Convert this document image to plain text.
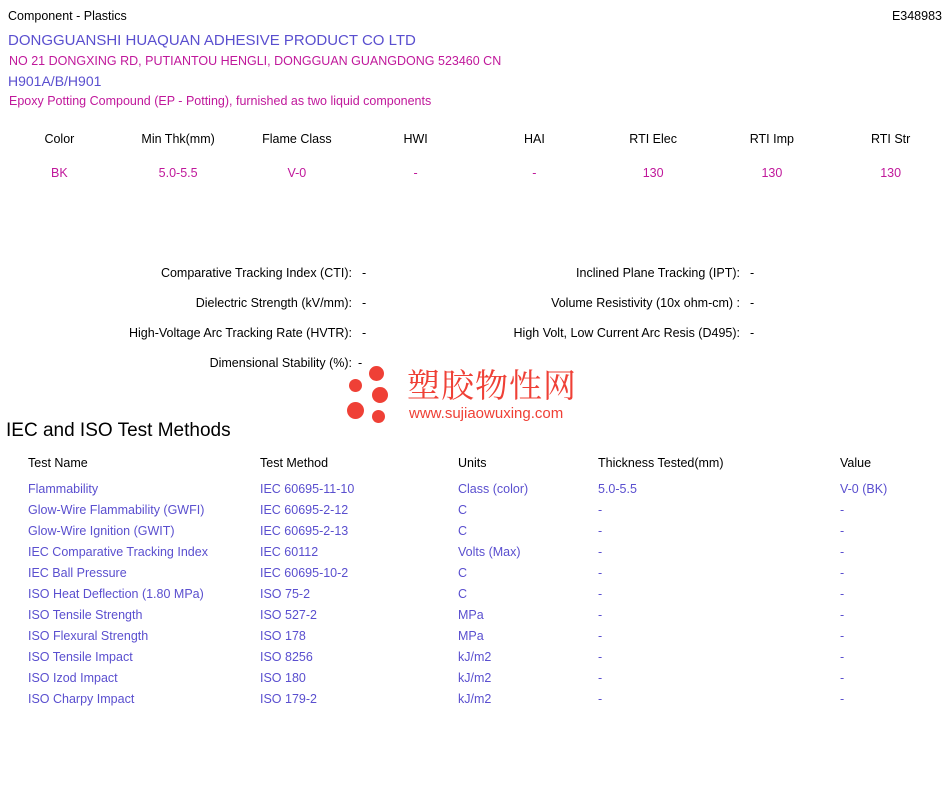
Component - Plastics	E348983
DONGGUANSHI HUAQUAN ADHESIVE PRODUCT CO LTD
NO 21 DONGXING RD, PUTIANTOU HENGLI, DONGGUAN GUANGDONG 523460 CN
H901A/B/H901
Epoxy Potting Compound (EP - Potting), furnished as two liquid components
Color	Min Thk(mm)	Flame Class	HWI	HAI	RTI Elec	RTI Imp	RTI Str
BK	5.0-5.5	V-0	-	-	130	130	130
Comparative Tracking Index (CTI): -	Inclined Plane Tracking (IPT): -
Dielectric Strength (kV/mm): -	Volume Resistivity (10x ohm-cm) : -
High-Voltage Arc Tracking Rate (HVTR): -	High Volt, Low Current Arc Resis (D495): -
Dimensional Stability (%): -
塑胶物性网
www.sujiaowuxing.com
IEC and ISO Test Methods
	Test Name	Test Method	Units	Thickness Tested(mm)	Value
	Flammability	IEC 60695-11-10	Class (color)	5.0-5.5	V-0 (BK)
	Glow-Wire Flammability (GWFI)	IEC 60695-2-12	C	-	-
	Glow-Wire Ignition (GWIT)	IEC 60695-2-13	C	-	-
	IEC Comparative Tracking Index	IEC 60112	Volts (Max)	-	-
	IEC Ball Pressure	IEC 60695-10-2	C	-	-
	ISO Heat Deflection (1.80 MPa)	ISO 75-2	C	-	-
	ISO Tensile Strength	ISO 527-2	MPa	-	-
	ISO Flexural Strength	ISO 178	MPa	-	-
	ISO Tensile Impact	ISO 8256	kJ/m2	-	-
	ISO Izod Impact	ISO 180	kJ/m2	-	-
	ISO Charpy Impact	ISO 179-2	kJ/m2	-	-
